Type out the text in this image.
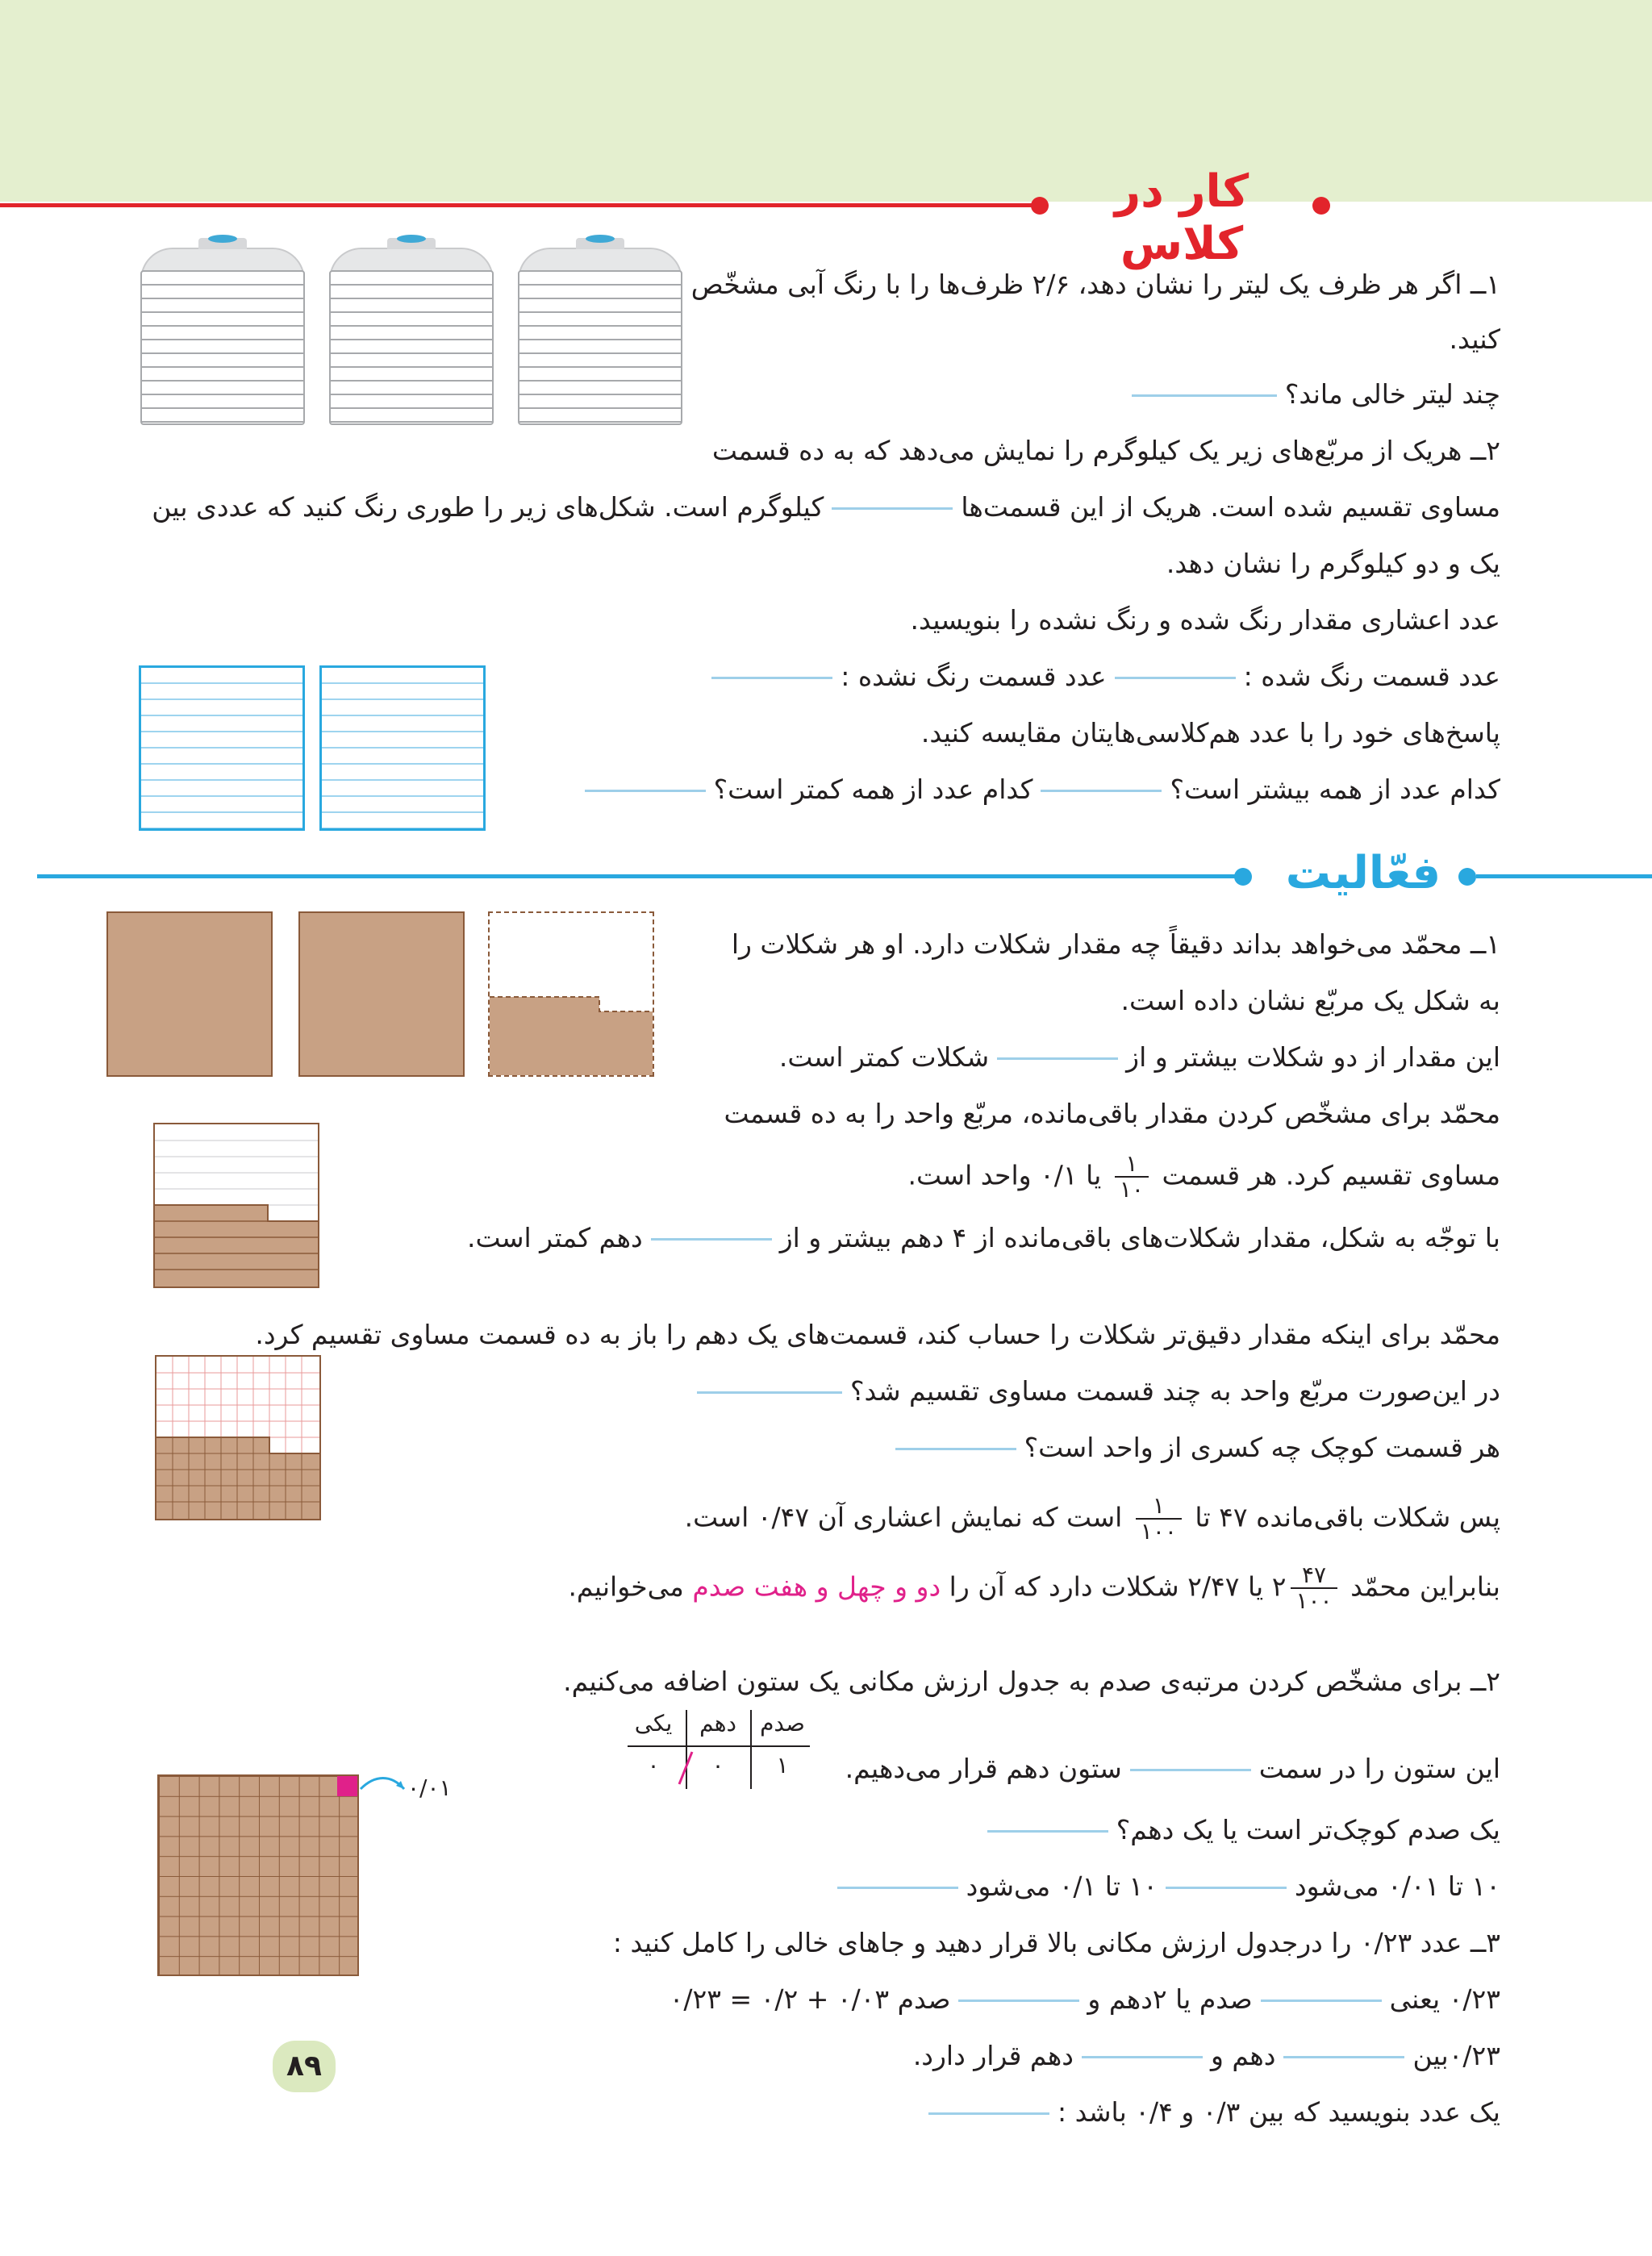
کار در کلاس
۱ــ اگر هر ظرف یک لیتر را نشان دهد، ۲/۶ ظرف‌ها را با رنگ آبی مشخّص
کنید.
چند لیتر خالی ماند؟
۲ــ هریک از مربّع‌های زیر یک کیلوگرم را نمایش می‌دهد که به ده قسمت
مساوی تقسیم شده است. هریک از این قسمت‌هاکیلوگرم است. شکل‌های زیر را طوری رنگ کنید که عددی بین
یک و دو کیلوگرم را نشان دهد.
عدد اعشاری مقدار رنگ شده و رنگ نشده را بنویسید.
عدد قسمت رنگ شده :عدد قسمت رنگ نشده :
پاسخ‌های خود را با عدد هم‌کلاسی‌هایتان مقایسه کنید.
کدام عدد از همه بیشتر است؟کدام عدد از همه کمتر است؟
فعّالیت
۰/۰۱
صدم
دهم
یکی
۱
۰
۰
۱ــ محمّد می‌خواهد بداند دقیقاً چه مقدار شکلات دارد. او هر شکلات را
به شکل یک مربّع نشان داده است.
این مقدار از دو شکلات بیشتر و ازشکلات کمتر است.
محمّد برای مشخّص کردن مقدار باقی‌مانده، مربّع واحد را به ده قسمت
مساوی تقسیم کرد. هر قسمت
$\frac{۱}{۱۰}$
یا ۰/۱ واحد است.
با توجّه به شکل، مقدار شکلات‌های باقی‌مانده از ۴ دهم بیشتر و ازدهم کمتر است.
محمّد برای اینکه مقدار دقیق‌تر شکلات را حساب کند، قسمت‌های یک دهم را باز به ده قسمت مساوی تقسیم کرد.
در این‌صورت مربّع واحد به چند قسمت مساوی تقسیم شد؟
هر قسمت کوچک چه کسری از واحد است؟
پس شکلات باقی‌مانده ۴۷ تا
$\frac{۱}{۱۰۰}$
است که نمایش اعشاری آن ۰/۴۷ است.
بنابراین محمّد
$\frac{۴۷}{۱۰۰}$
۲ یا ۲/۴۷ شکلات دارد که آن را دو و چهل و هفت صدم می‌خوانیم.
۲ــ برای مشخّص کردن مرتبه‌ی صدم به جدول ارزش مکانی یک ستون اضافه می‌کنیم.
این ستون را در سمتستون دهم قرار می‌دهیم.
یک صدم کوچک‌تر است یا یک دهم؟
۱۰ تا ۰/۰۱ می‌شود۱۰ تا ۰/۱ می‌شود
۳ــ عدد ۰/۲۳ را درجدول ارزش مکانی بالا قرار دهید و جاهای خالی را کامل کنید :
۰/۲۳ یعنیصدم یا ۲دهم وصدم ۰/۰۳ + ۰/۲ = ۰/۲۳
۰/۲۳بیندهم ودهم قرار دارد.
یک عدد بنویسید که بین ۰/۳ و ۰/۴ باشد :
۸۹
